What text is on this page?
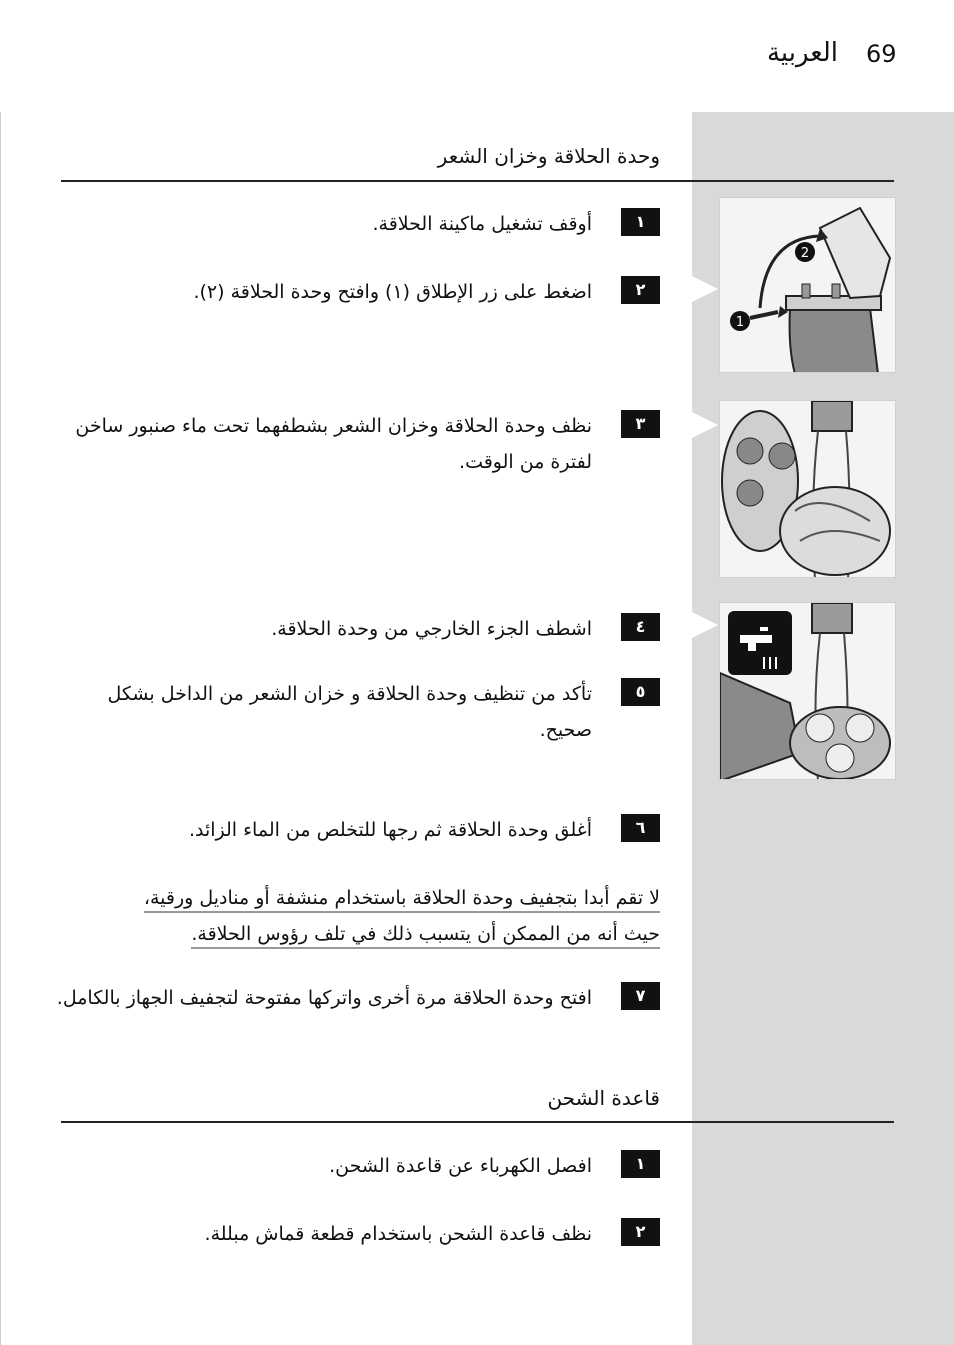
69
العربية
وحدة الحلاقة وخزان الشعر
١
أوقف تشغيل ماكينة الحلاقة.
٢
اضغط على زر الإطلاق (١) وافتح وحدة الحلاقة (٢).
٣
نظف وحدة الحلاقة وخزان الشعر بشطفهما تحت ماء صنبور ساخن لفترة من الوقت.
٤
اشطف الجزء الخارجي من وحدة الحلاقة.
٥
تأكد من تنظيف وحدة الحلاقة و خزان الشعر من الداخل بشكل صحيح.
٦
أغلق وحدة الحلاقة ثم رجها للتخلص من الماء الزائد.
لا تقم أبدا بتجفيف وحدة الحلاقة باستخدام منشفة أو مناديل ورقية،
حيث أنه من الممكن أن يتسبب ذلك في تلف رؤوس الحلاقة.
٧
افتح وحدة الحلاقة مرة أخرى واتركها مفتوحة لتجفيف الجهاز بالكامل.
قاعدة الشحن
١
افصل الكهرباء عن قاعدة الشحن.
٢
نظف قاعدة الشحن باستخدام قطعة قماش مبللة.
1
2
